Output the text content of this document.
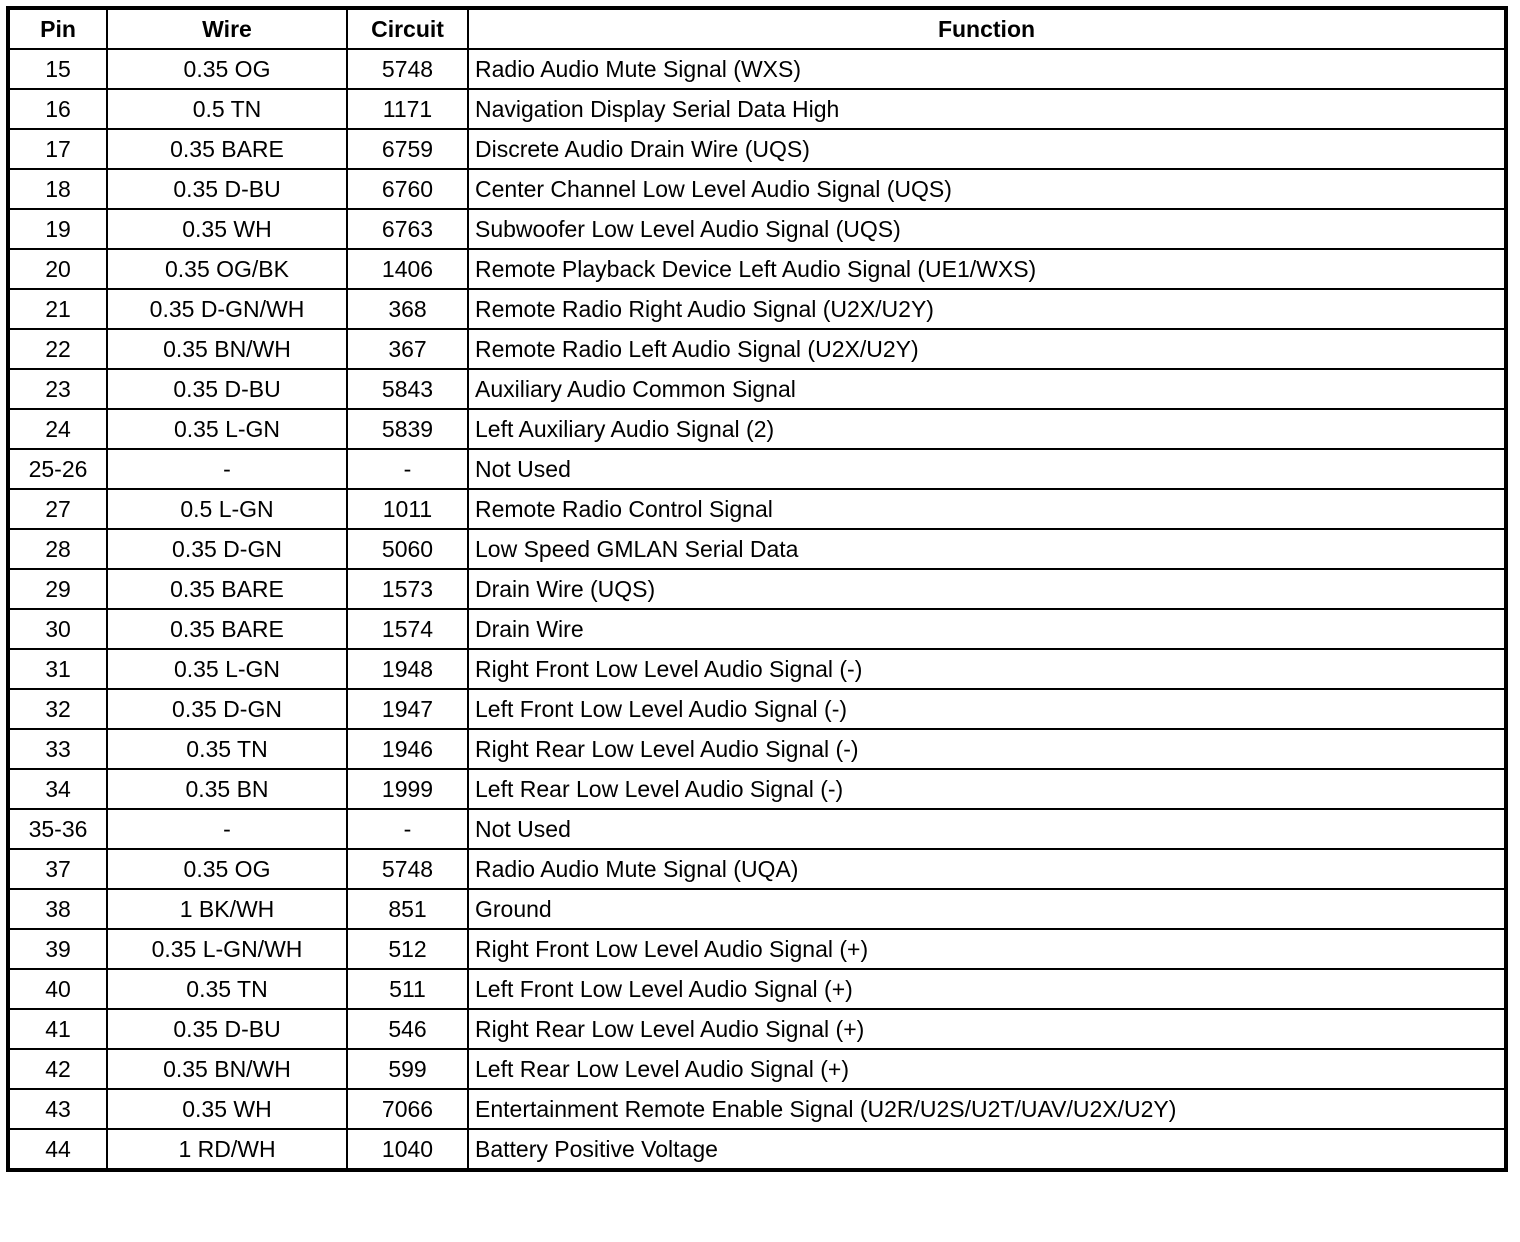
Pin	Wire	Circuit	Function
15	0.35 OG	5748	Radio Audio Mute Signal (WXS)
16	0.5 TN	1171	Navigation Display Serial Data High
17	0.35 BARE	6759	Discrete Audio Drain Wire (UQS)
18	0.35 D-BU	6760	Center Channel Low Level Audio Signal (UQS)
19	0.35 WH	6763	Subwoofer Low Level Audio Signal (UQS)
20	0.35 OG/BK	1406	Remote Playback Device Left Audio Signal (UE1/WXS)
21	0.35 D-GN/WH	368	Remote Radio Right Audio Signal (U2X/U2Y)
22	0.35 BN/WH	367	Remote Radio Left Audio Signal (U2X/U2Y)
23	0.35 D-BU	5843	Auxiliary Audio Common Signal
24	0.35 L-GN	5839	Left Auxiliary Audio Signal (2)
25-26	-	-	Not Used
27	0.5 L-GN	1011	Remote Radio Control Signal
28	0.35 D-GN	5060	Low Speed GMLAN Serial Data
29	0.35 BARE	1573	Drain Wire (UQS)
30	0.35 BARE	1574	Drain Wire
31	0.35 L-GN	1948	Right Front Low Level Audio Signal (-)
32	0.35 D-GN	1947	Left Front Low Level Audio Signal (-)
33	0.35 TN	1946	Right Rear Low Level Audio Signal (-)
34	0.35 BN	1999	Left Rear Low Level Audio Signal (-)
35-36	-	-	Not Used
37	0.35 OG	5748	Radio Audio Mute Signal (UQA)
38	1 BK/WH	851	Ground
39	0.35 L-GN/WH	512	Right Front Low Level Audio Signal (+)
40	0.35 TN	511	Left Front Low Level Audio Signal (+)
41	0.35 D-BU	546	Right Rear Low Level Audio Signal (+)
42	0.35 BN/WH	599	Left Rear Low Level Audio Signal (+)
43	0.35 WH	7066	Entertainment Remote Enable Signal (U2R/U2S/U2T/UAV/U2X/U2Y)
44	1 RD/WH	1040	Battery Positive Voltage
